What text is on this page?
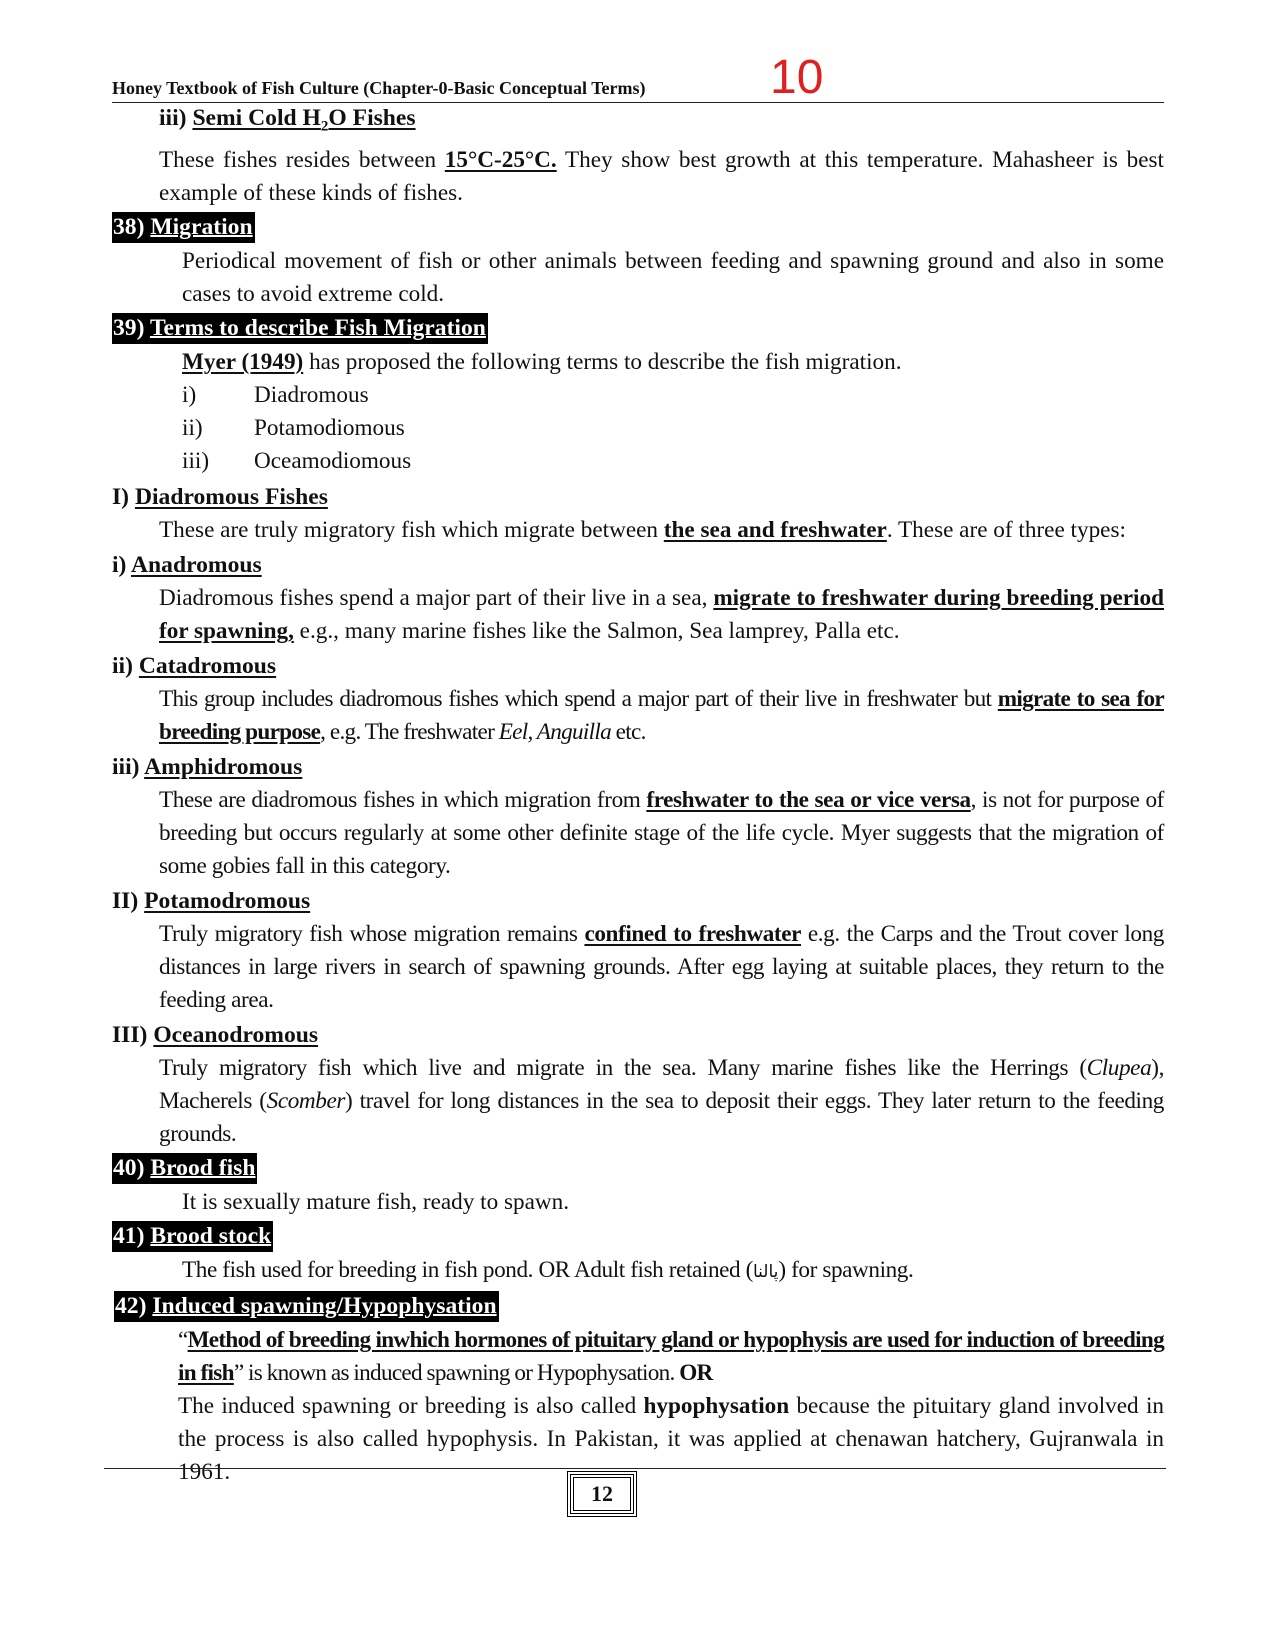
Honey Textbook of Fish Culture (Chapter-0-Basic Conceptual Terms)	10
iii) Semi Cold $H_2O$ Fishes

These fishes resides between 15°C-25°C. They show best growth at this temperature. Mahasheer is best example of these kinds of fishes.

38) Migration

Periodical movement of fish or other animals between feeding and spawning ground and also in some cases to avoid extreme cold.

39) Terms to describe Fish Migration

Myer (1949) has proposed the following terms to describe the fish migration.

i)	Diadromous
ii)	Potamodiomous
iii)	Oceamodiomous
I) Diadromous Fishes

These are truly migratory fish which migrate between the sea and freshwater. These are of three types:

i) Anadromous

Diadromous fishes spend a major part of their live in a sea, migrate to freshwater during breeding period for spawning, e.g., many marine fishes like the Salmon, Sea lamprey, Palla etc.

ii) Catadromous

This group includes diadromous fishes which spend a major part of their live in freshwater but migrate to sea for breeding purpose, e.g. The freshwater Eel, Anguilla etc.

iii) Amphidromous

These are diadromous fishes in which migration from freshwater to the sea or vice versa, is not for purpose of breeding but occurs regularly at some other definite stage of the life cycle. Myer suggests that the migration of some gobies fall in this category.

II) Potamodromous

Truly migratory fish whose migration remains confined to freshwater e.g. the Carps and the Trout cover long distances in large rivers in search of spawning grounds. After egg laying at suitable places, they return to the feeding area.

III) Oceanodromous

Truly migratory fish which live and migrate in the sea. Many marine fishes like the Herrings (Clupea), Macherels (Scomber) travel for long distances in the sea to deposit their eggs. They later return to the feeding grounds.

40) Brood fish

It is sexually mature fish, ready to spawn.

41) Brood stock

The fish used for breeding in fish pond. OR Adult fish retained (پالنا) for spawning.

42) Induced spawning/Hypophysation

“Method of breeding inwhich hormones of pituitary gland or hypophysis are used for induction of breeding in fish” is known as induced spawning or Hypophysation. OR

The induced spawning or breeding is also called hypophysation because the pituitary gland involved in the process is also called hypophysis. In Pakistan, it was applied at chenawan hatchery, Gujranwala in 1961.

12
